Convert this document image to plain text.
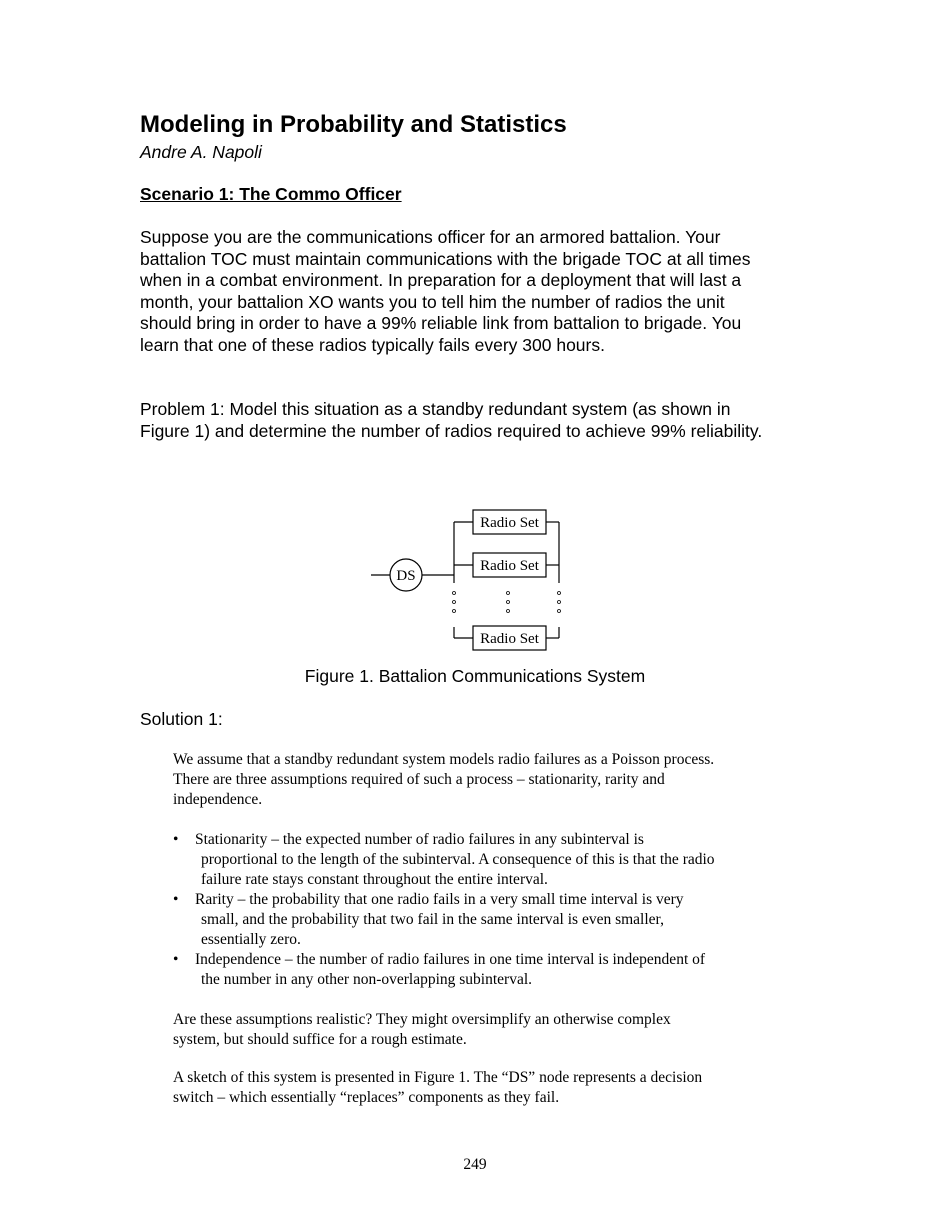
Modeling in Probability and Statistics
Andre A. Napoli
Scenario 1: The Commo Officer
Suppose you are the communications officer for an armored battalion. Your
battalion TOC must maintain communications with the brigade TOC at all times
when in a combat environment. In preparation for a deployment that will last a
month, your battalion XO wants you to tell him the number of radios the unit
should bring in order to have a 99% reliable link from battalion to brigade. You
learn that one of these radios typically fails every 300 hours.
Problem 1: Model this situation as a standby redundant system (as shown in
Figure 1) and determine the number of radios required to achieve 99% reliability.
DS
Radio Set
Radio Set
Radio Set
Figure 1. Battalion Communications System
Solution 1:
We assume that a standby redundant system models radio failures as a Poisson process.
There are three assumptions required of such a process – stationarity, rarity and
independence.
• Stationarity – the expected number of radio failures in any subinterval is
proportional to the length of the subinterval. A consequence of this is that the radio
failure rate stays constant throughout the entire interval.
• Rarity – the probability that one radio fails in a very small time interval is very
small, and the probability that two fail in the same interval is even smaller,
essentially zero.
• Independence – the number of radio failures in one time interval is independent of
the number in any other non-overlapping subinterval.
Are these assumptions realistic? They might oversimplify an otherwise complex
system, but should suffice for a rough estimate.
A sketch of this system is presented in Figure 1. The “DS” node represents a decision
switch – which essentially “replaces” components as they fail.
249
